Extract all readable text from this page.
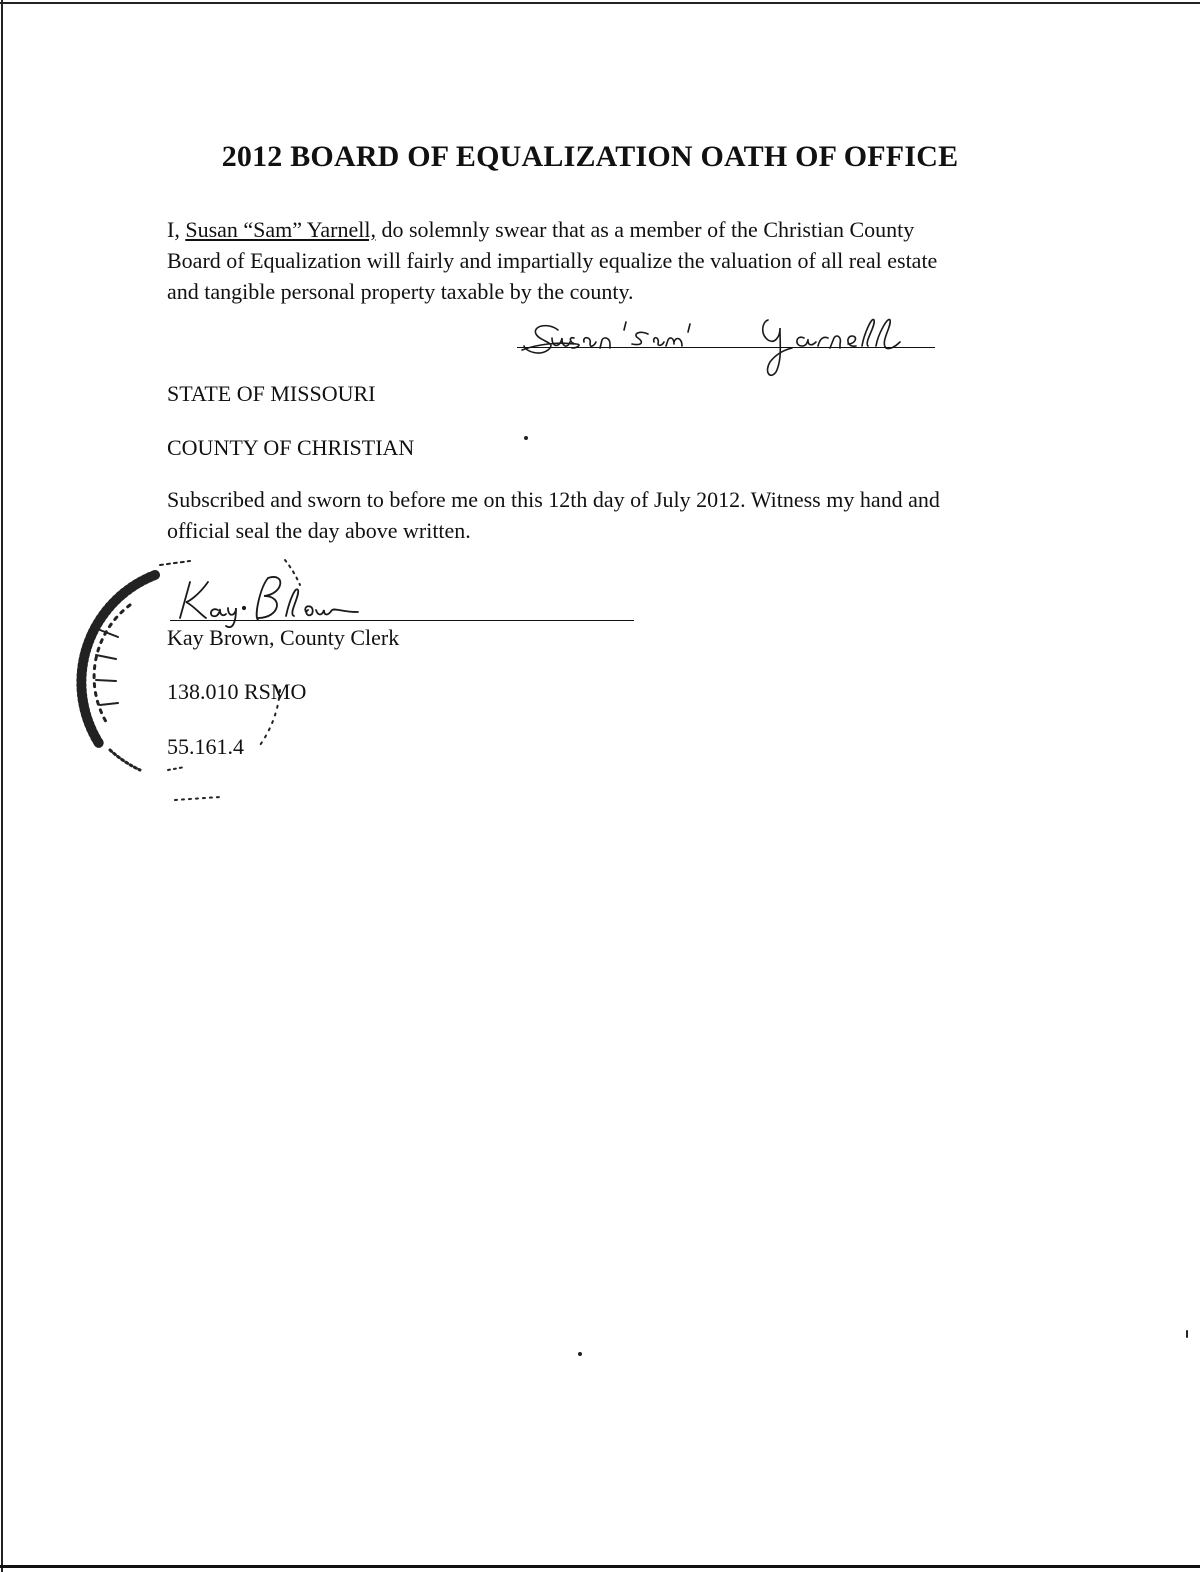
2012 BOARD OF EQUALIZATION OATH OF OFFICE

I, Susan “Sam” Yarnell, do solemnly swear that as a member of the Christian County
Board of Equalization will fairly and impartially equalize the valuation of all real estate
and tangible personal property taxable by the county.

STATE OF MISSOURI

COUNTY OF CHRISTIAN

Subscribed and sworn to before me on this 12th day of July 2012. Witness my hand and
official seal the day above written.

Kay Brown, County Clerk

138.010 RSMO

55.161.4
